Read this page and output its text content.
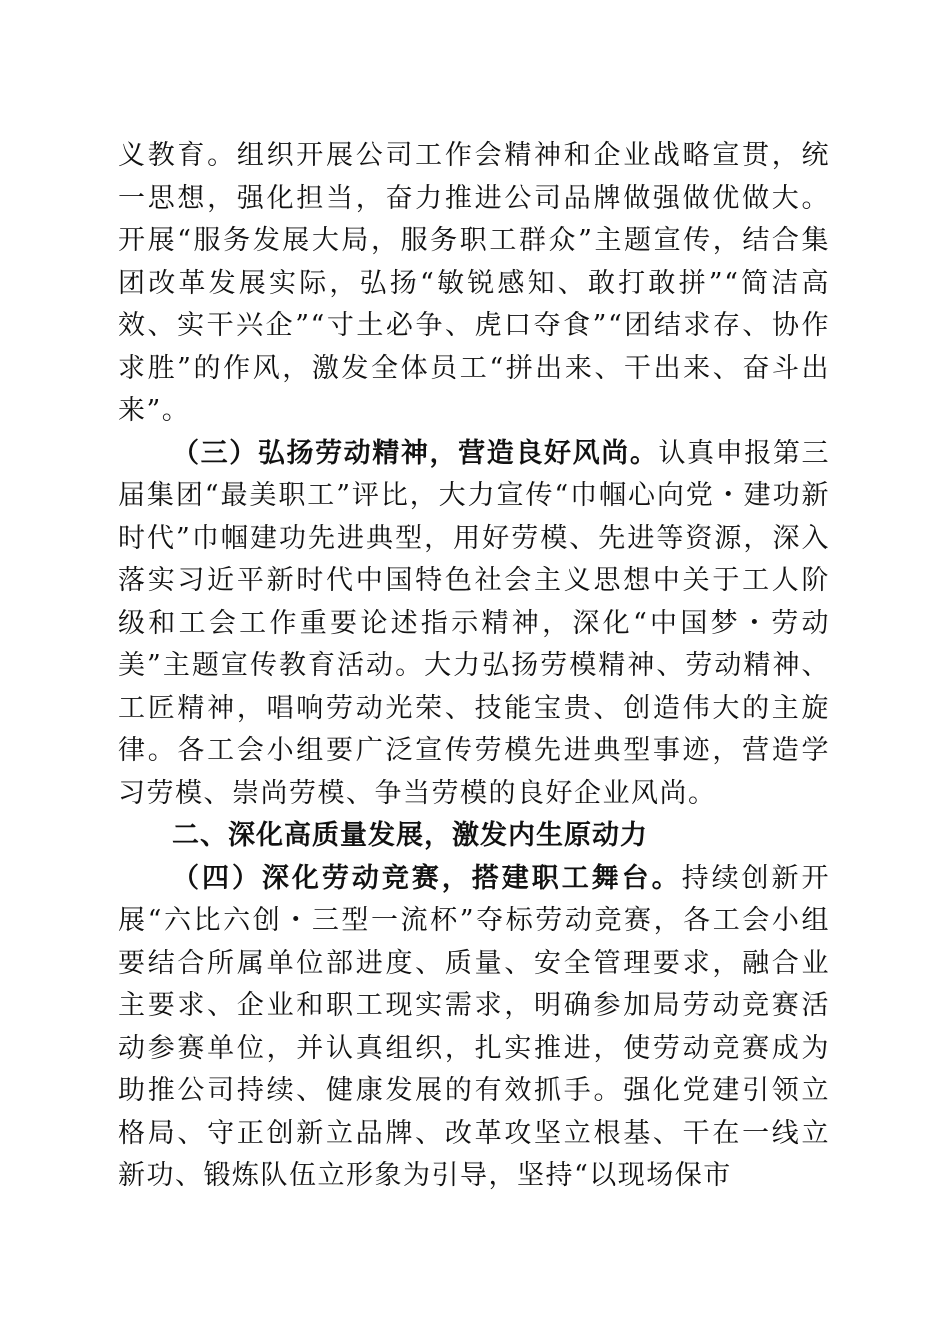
义教育。组织开展公司工作会精神和企业战略宣贯，统一思想，强化担当，奋力推进公司品牌做强做优做大。开展“服务发展大局，服务职工群众”主题宣传，结合集团改革发展实际，弘扬“敏锐感知、敢打敢拼”“简洁高效、实干兴企”“寸土必争、虎口夺食”“团结求存、协作求胜”的作风，激发全体员工“拼出来、干出来、奋斗出来”。

（三）弘扬劳动精神，营造良好风尚。认真申报第三届集团“最美职工”评比，大力宣传“巾帼心向党・建功新时代”巾帼建功先进典型，用好劳模、先进等资源，深入落实习近平新时代中国特色社会主义思想中关于工人阶级和工会工作重要论述指示精神，深化“中国梦・劳动美”主题宣传教育活动。大力弘扬劳模精神、劳动精神、工匠精神，唱响劳动光荣、技能宝贵、创造伟大的主旋律。各工会小组要广泛宣传劳模先进典型事迹，营造学习劳模、崇尚劳模、争当劳模的良好企业风尚。

二、深化高质量发展，激发内生原动力

（四）深化劳动竞赛，搭建职工舞台。持续创新开展“六比六创・三型一流杯”夺标劳动竞赛，各工会小组要结合所属单位部进度、质量、安全管理要求，融合业主要求、企业和职工现实需求，明确参加局劳动竞赛活动参赛单位，并认真组织，扎实推进，使劳动竞赛成为助推公司持续、健康发展的有效抓手。强化党建引领立格局、守正创新立品牌、改革攻坚立根基、干在一线立新功、锻炼队伍立形象为引导，坚持“以现场保市
